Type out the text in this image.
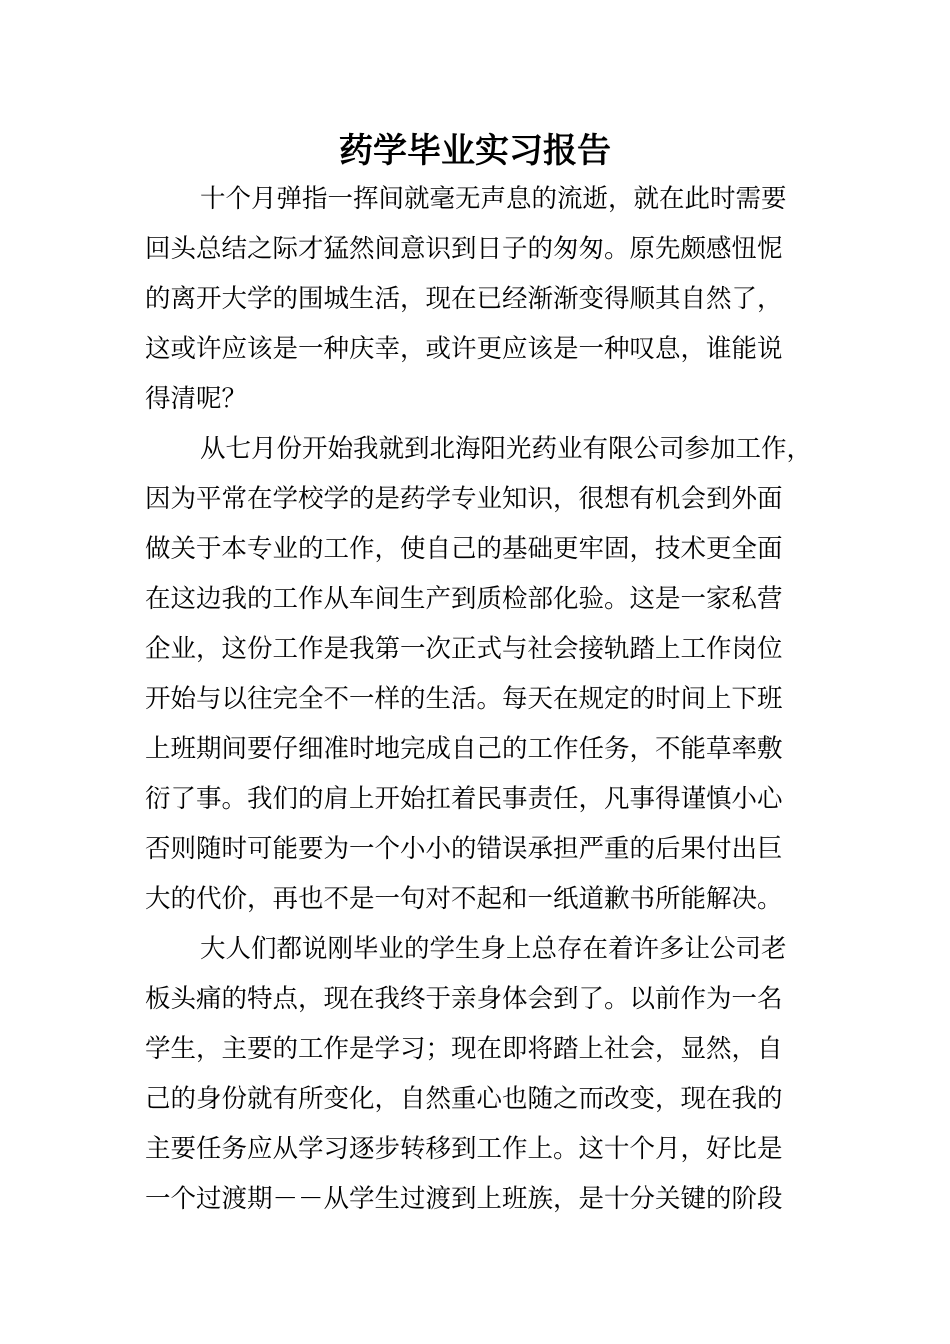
药学毕业实习报告
十个月弹指一挥间就毫无声息的流逝，就在此时需要
回头总结之际才猛然间意识到日子的匆匆。原先颇感忸怩
的离开大学的围城生活，现在已经渐渐变得顺其自然了，
这或许应该是一种庆幸，或许更应该是一种叹息，谁能说
得清呢？
从七月份开始我就到北海阳光药业有限公司参加工作，
因为平常在学校学的是药学专业知识，很想有机会到外面
做关于本专业的工作，使自己的基础更牢固，技术更全面
在这边我的工作从车间生产到质检部化验。这是一家私营
企业，这份工作是我第一次正式与社会接轨踏上工作岗位
开始与以往完全不一样的生活。每天在规定的时间上下班
上班期间要仔细准时地完成自己的工作任务，不能草率敷
衍了事。我们的肩上开始扛着民事责任，凡事得谨慎小心
否则随时可能要为一个小小的错误承担严重的后果付出巨
大的代价，再也不是一句对不起和一纸道歉书所能解决。
大人们都说刚毕业的学生身上总存在着许多让公司老
板头痛的特点，现在我终于亲身体会到了。以前作为一名
学生，主要的工作是学习；现在即将踏上社会，显然，自
己的身份就有所变化，自然重心也随之而改变，现在我的
主要任务应从学习逐步转移到工作上。这十个月，好比是
一个过渡期－－从学生过渡到上班族，是十分关键的阶段
